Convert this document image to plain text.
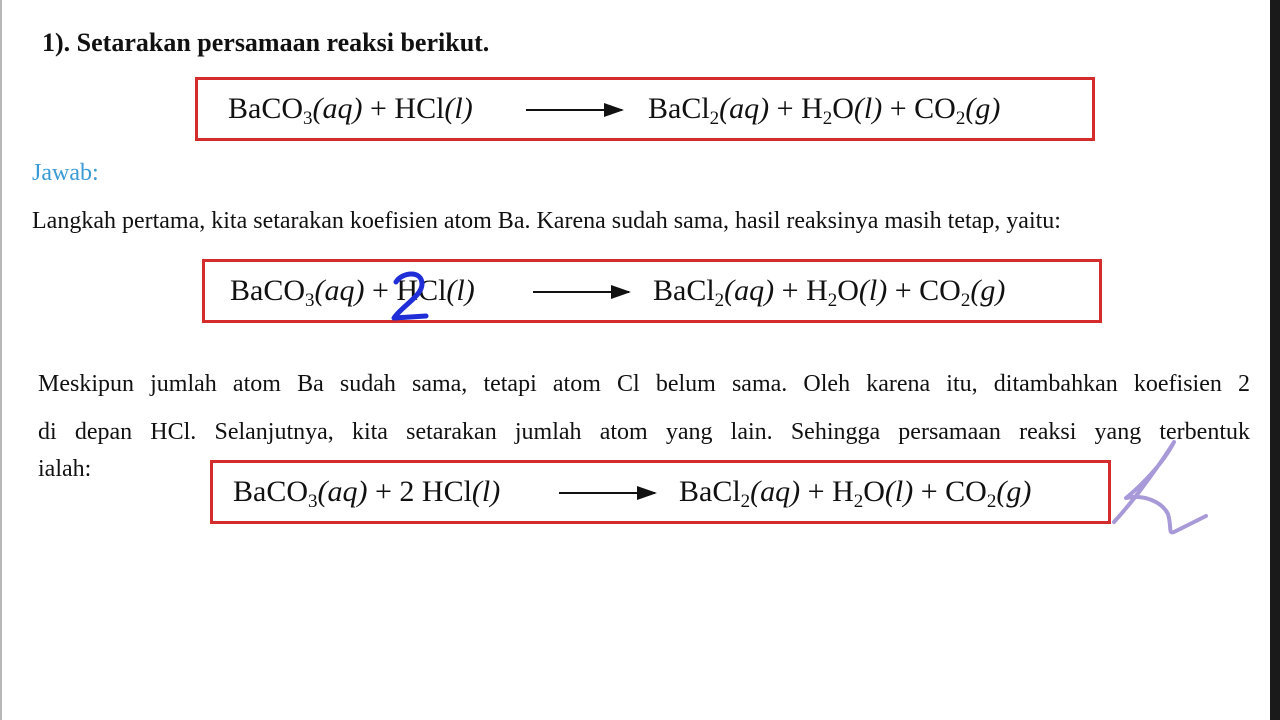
1). Setarakan persamaan reaksi berikut.
BaCO$_3$(aq) + HCl(l) → BaCl$_2$(aq) + $H_2O(l) + CO_2(g)$
Jawab:
Langkah pertama, kita setarakan koefisien atom Ba. Karena sudah sama, hasil reaksinya masih tetap, yaitu:
BaCO$_3$(aq) + HCl(l) → BaCl$_2$(aq) + $H_2O(l) + CO_2(g)$
Meskipun jumlah atom Ba sudah sama, tetapi atom Cl belum sama. Oleh karena itu, ditambahkan koefisien 2
di depan HCl. Selanjutnya, kita setarakan jumlah atom yang lain. Sehingga persamaan reaksi yang terbentuk
ialah:
BaCO$_3$(aq) + 2 HCl(l) → BaCl$_2$(aq) + $H_2O(l) + CO_2(g)$
